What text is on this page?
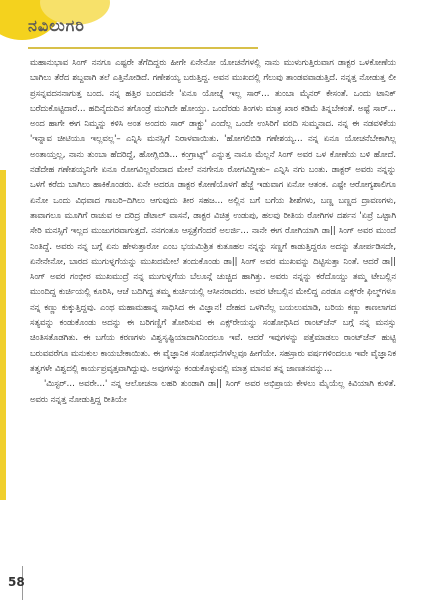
ನವಿಲುಗರಿ

ಮಹಾನುಭಾವ ಸಿಂಗ್ ನನಗೂ ಎಷ್ಟರೇ ತೆಗೆದಿದ್ದರು ಹೀಗೇ ಏನೇನೋ ಯೋಚನೆಗಳಲ್ಲಿ ನಾನು ಮುಳುಗುತ್ತಿರುವಾಗ ಡಾಕ್ಟರ ಒಳಕೋಣೆಯ ಬಾಗಿಲು ತೆರೆದ ಶಬ್ದವಾಗಿ ತಲೆ ಎತ್ತಿನೋಡಿದೆ. ಗಣೇಶಯ್ಯ ಬರುತ್ತಿದ್ದ. ಅವನ ಮುಖದಲ್ಲಿ ಗೆಲುವು ತಾಂಡವವಾಡುತ್ತಿದೆ. ನನ್ನತ್ತ ನೋಡುತ್ತ ಲೀ ಪ್ರಸನ್ನವದನನಾಗುತ್ತ ಬಂದ. ನನ್ನ ಹತ್ತಿರ ಬಂದವನೇ 'ಏನೂ ಯೋಚ್ನೆ ಇಲ್ಲ ಸಾರ್… ತುಂಬಾ ಮೈನರ್ ಕೇಸಂತೆ. ಒಂದು ಟಾನಿಕ್ ಬರೆದುಕೊಟ್ಟಿದಾರೆ… ಹದಿನೈದುದಿನ ತಗೊಂಡ್ರೆ ಮುಗಿದೇ ಹೋಯ್ತು. ಒಂದೆರಡು ತಿಂಗಳು ಮಾತ್ರ ಖಾರ ಕಡಿಮೆ ತಿನ್ನಬೇಕಂತೆ. ಅಷ್ಟೆ ಸಾರ್… ಅಂದ ಹಾಗೇ ಈಗ ನಿಮ್ಮನ್ನು ಕಳಿಸಿ ಅಂತ ಅಂದರು ಸಾರ್ ಡಾಕ್ಟ್ರು' ಎಂದೆಲ್ಲ ಒಂದೇ ಉಸಿರಿಗೆ ವರದಿ ಸುಮ್ಮನಾದ. ನನ್ನ ಈ ನಡವಳಿಕೆಯ 'ಇನ್ನಾವ ಚೀಟಿಯೂ ಇಲ್ಲವಲ್ಲ'– ಎನ್ನಿಸಿ ಮನಸ್ಸಿಗೆ ನಿರಾಳವಾಯಿತು. 'ಹೋಗಲಿಬಿಡಿ ಗಣೇಶಯ್ಯ… ನನ್ನ ಏನೂ ಯೋಚನೆಬೇಕಾಗಿಲ್ಲ ಅಂತಾಯ್ತಲ್ಲ, ನಾನು ತುಂಬಾ ಹೆದರಿದ್ದೆ, ಹೋಗ್ಲಿಬಿಡಿ… ಕಂಗ್ರಾಟ್ಸ್' ಎನ್ನುತ್ತ ನಾನೂ ಮೆಲ್ಲನೆ ಸಿಂಗ್ ಅವರ ಒಳ ಕೋಣೆಯ ಬಳಿ ಹೋದೆ. ನಡೆದೇಹ ಗಣೇಶಯ್ಯನಿಗೇ ಏನೂ ರೋಗವಿಲ್ಲವೆಂದಾದ ಮೇಲೆ ನನಗೇನೂ ರೋಗವಿದ್ದೀತು– ಎನ್ನಿಸಿ ನಗು ಬಂತು. ಡಾಕ್ಟರ್ ಅವರು ನನ್ನನ್ನು ಒಳಗೆ ಕರೆದು ಬಾಗಿಲು ಹಾಕಿಕೊಂಡರು. ಏನೇ ಅದರೂ ಡಾಕ್ಟರ ಕೋಣೆಯೊಳಗೆ ಹೆಜ್ಜೆ ಇಡುವಾಗ ಏನೋ ಆತಂಕ. ಎಷ್ಟೇ ಆರೋಗ್ಯಶಾಲಿಗೂ ಏನೋ ಒಂದು ವಿಧವಾದ ಗಾಬರಿ–ದಿಗಿಲು ಆಗುವುದು ತೀರ ಸಹಜ… ಅಲ್ಲಿನ ಬಗೆ ಬಗೆಯ ಶೀಶೆಗಳು, ಬಣ್ಣ ಬಣ್ಣದ ದ್ರಾವಣಗಳು, ತಾವಾಗಲೂ ಮೂಗಿಗೆ ರಾಚುವ ಆ ದರಿದ್ರ ಡೆಟಾಲ್ ವಾಸನೆ, ಡಾಕ್ಟರ ವಿಚಿತ್ರ ಉಡುಪು, ಹಲವು ರೀತಿಯ ರೋಗಿಗಳ ದರ್ಶನ 'ಏಪ್ರೆ ಒಟ್ಟಾಗಿ ಸೇರಿ ಮನಸ್ಸಿಗೆ ಇಲ್ಲದ ಮುಜುಗರವಾಗುತ್ತದೆ. ನನಗಂತೂ ಆಸ್ಪತ್ರೆಗೆಂದರೆ ಅಲರ್ಜಿ… ನಾನೇ ಈಗ ರೋಗಿಯಾಗಿ ಡಾ|| ಸಿಂಗ್ ಅವರ ಮುಂದೆ ನಿಂತಿದ್ದೆ. ಅವರು ನನ್ನ ಬಗ್ಗೆ ಏನು ಹೇಳುತ್ತಾರೋ ಎಂಬ ಭಯಮಿಶ್ರಿತ ಕುತೂಹಲ ನನ್ನನ್ನು ಸಣ್ಣಗೆ ಕಾಡುತ್ತಿದ್ದರೂ ಅದನ್ನು ತೋರ್ಪಡಿಸದೇ, ಏನೇನೇನೋ, ಬಾರದ ಮುಗುಳ್ನಗೆಯನ್ನು ಮುಖದಮೇಲೆ ತಂದುಕೊಂಡು ಡಾ|| ಸಿಂಗ್ ಅವರ ಮುಖವನ್ನು ದಿಟ್ಟಿಸುತ್ತಾ ನಿಂತೆ. ಆದರೆ ಡಾ|| ಸಿಂಗ್ ಅವರ ಗಂಭೀರ ಮುಖಮುದ್ರೆ ನನ್ನ ಮುಗುಳ್ನಗೆಯ ಬೆಲೂನ್ಗೆ ಚುಚ್ಚಿದ ಹಾಗಿತ್ತು. ಅವರು ನನ್ನನ್ನು ಕರೆದೊಯ್ದು ತಮ್ಮ ಟೇಬಲ್ಲಿನ ಮುಂದಿದ್ದ ಕುರ್ಚಿಯಲ್ಲಿ ಕೂರಿಸಿ, ಆಚೆ ಬದಿಗಿದ್ದ ತಮ್ಮ ಕುರ್ಚಿಯಲ್ಲಿ ಆಸೀನರಾದರು. ಅವರ ಟೇಬಲ್ಲಿನ ಮೇಲಿದ್ದ ಎರಡೂ ಎಕ್ಸ್‌ರೇ ಫಿಲ್ಮ್‌ಗಳೂ ನನ್ನ ಕಣ್ಣು ಕುಕ್ಕುತ್ತಿದ್ದವು. ಎಂಥ ಮಹಾಮಹಾನ್ನ ಸಾಧಿಸಿದ ಈ ವಿಜ್ಞಾನ! ದೇಹದ ಒಳಗಿನೆಲ್ಲ ಬಯಲುಮಾಡಿ, ಬರಿಯ ಕಣ್ಣು ಕಾಣಲಾಗದ ಸತ್ಯವನ್ನು ಕಂಡುಕೊಂಡು ಅದನ್ನು ಈ ಬರಿಗಣ್ಣಿಗೆ ತೋರಿಸುವ ಈ ಎಕ್ಸ್‌ರೇಯನ್ನು ಸಂಶೋಧಿಸಿದ ರಾಂಟ್‌ಜೆನ್ ಬಗ್ಗೆ ನನ್ನ ಮನಸ್ಸು ಚಿಂತಿಸತೊಡಗಿತು. ಈ ಬಗೆಯ ಕರಣಗಳು ವಿಶ್ವಸೃಷ್ಟಿಯಾದಾಗಿನಿಂದಲೂ ಇವೆ. ಆದರೆ ಇವುಗಳನ್ನು ಪತ್ತೆಮಾಡಲು ರಾಂಟ್‌ಜೆನ್ ಹುಟ್ಟಿ ಬರುವವರೆಗೂ ಮನುಕುಲ ಕಾಯಬೇಕಾಯಿತು. ಈ ವೈಜ್ಞಾನಿಕ ಸಂಶೋಧನೆಗಳೆಲ್ಲವೂ ಹೀಗೆಯೇ. ಸಹಸ್ರಾರು ವರ್ಷಗಳಿಂದಲೂ ಇವೇ ವೈಜ್ಞಾನಿಕ ತತ್ವಗಳೇ ವಿಶ್ವದಲ್ಲಿ ಕಾರ್ಯಪ್ರವೃತ್ತವಾಗಿದ್ದುವು. ಅವುಗಳನ್ನು ಕಂಡುಕೊಳ್ಳುವಲ್ಲಿ ಮಾತ್ರ ಮಾನವ ತನ್ನ ಜಾಣತನವನ್ನು…

'ಮಿಸ್ಟರ್… ಅವರೇ…' ನನ್ನ ಆಲೋಚನಾ ಲಹರಿ ತುಂಡಾಗಿ ಡಾ|| ಸಿಂಗ್ ಅವರ ಅಭಿಪ್ರಾಯ ಕೇಳಲು ಮೈಯೆಲ್ಲ ಕಿವಿಯಾಗಿ ಕುಳಿತೆ. ಅವರು ನನ್ನತ್ತ ನೋಡುತ್ತಿದ್ದ ರೀತಿಯೇ

58
